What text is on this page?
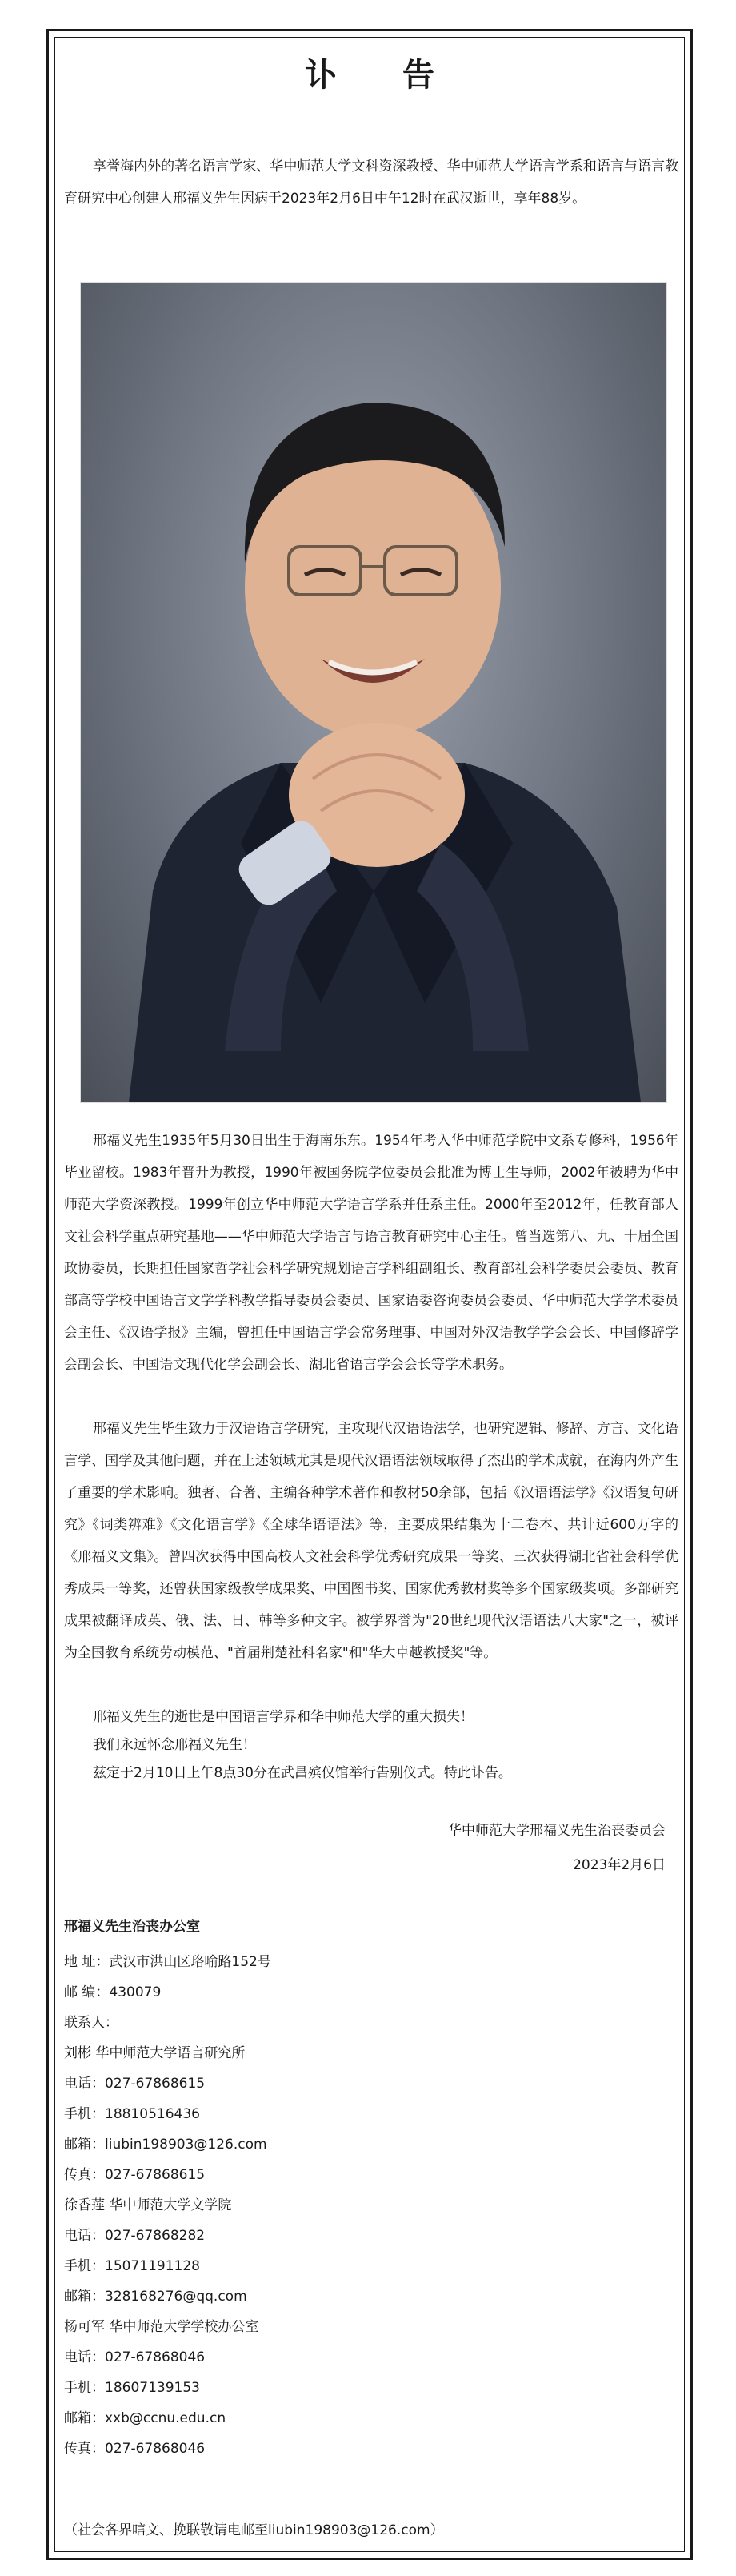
讣 告

享誉海内外的著名语言学家、华中师范大学文科资深教授、华中师范大学语言学系和语言与语言教育研究中心创建人邢福义先生因病于2023年2月6日中午12时在武汉逝世，享年88岁。

邢福义先生1935年5月30日出生于海南乐东。1954年考入华中师范学院中文系专修科，1956年毕业留校。1983年晋升为教授，1990年被国务院学位委员会批准为博士生导师，2002年被聘为华中师范大学资深教授。1999年创立华中师范大学语言学系并任系主任。2000年至2012年，任教育部人文社会科学重点研究基地——华中师范大学语言与语言教育研究中心主任。曾当选第八、九、十届全国政协委员，长期担任国家哲学社会科学研究规划语言学科组副组长、教育部社会科学委员会委员、教育部高等学校中国语言文学学科教学指导委员会委员、国家语委咨询委员会委员、华中师范大学学术委员会主任、《汉语学报》主编，曾担任中国语言学会常务理事、中国对外汉语教学学会会长、中国修辞学会副会长、中国语文现代化学会副会长、湖北省语言学会会长等学术职务。

邢福义先生毕生致力于汉语语言学研究，主攻现代汉语语法学，也研究逻辑、修辞、方言、文化语言学、国学及其他问题，并在上述领域尤其是现代汉语语法领域取得了杰出的学术成就，在海内外产生了重要的学术影响。独著、合著、主编各种学术著作和教材50余部，包括《汉语语法学》《汉语复句研究》《词类辨难》《文化语言学》《全球华语语法》等，主要成果结集为十二卷本、共计近600万字的《邢福义文集》。曾四次获得中国高校人文社会科学优秀研究成果一等奖、三次获得湖北省社会科学优秀成果一等奖，还曾获国家级教学成果奖、中国图书奖、国家优秀教材奖等多个国家级奖项。多部研究成果被翻译成英、俄、法、日、韩等多种文字。被学界誉为"20世纪现代汉语语法八大家"之一，被评为全国教育系统劳动模范、"首届荆楚社科名家"和"华大卓越教授奖"等。

邢福义先生的逝世是中国语言学界和华中师范大学的重大损失！

我们永远怀念邢福义先生！

兹定于2月10日上午8点30分在武昌殡仪馆举行告别仪式。特此讣告。

华中师范大学邢福义先生治丧委员会
2023年2月6日
邢福义先生治丧办公室
地 址：武汉市洪山区珞喻路152号
邮 编：430079
联系人：
刘彬 华中师范大学语言研究所
电话：027-67868615
手机：18810516436
邮箱：liubin198903@126.com
传真：027-67868615
徐香莲 华中师范大学文学院
电话：027-67868282
手机：15071191128
邮箱：328168276@qq.com
杨可军 华中师范大学学校办公室
电话：027-67868046
手机：18607139153
邮箱：xxb@ccnu.edu.cn
传真：027-67868046
（社会各界唁文、挽联敬请电邮至liubin198903@126.com）
